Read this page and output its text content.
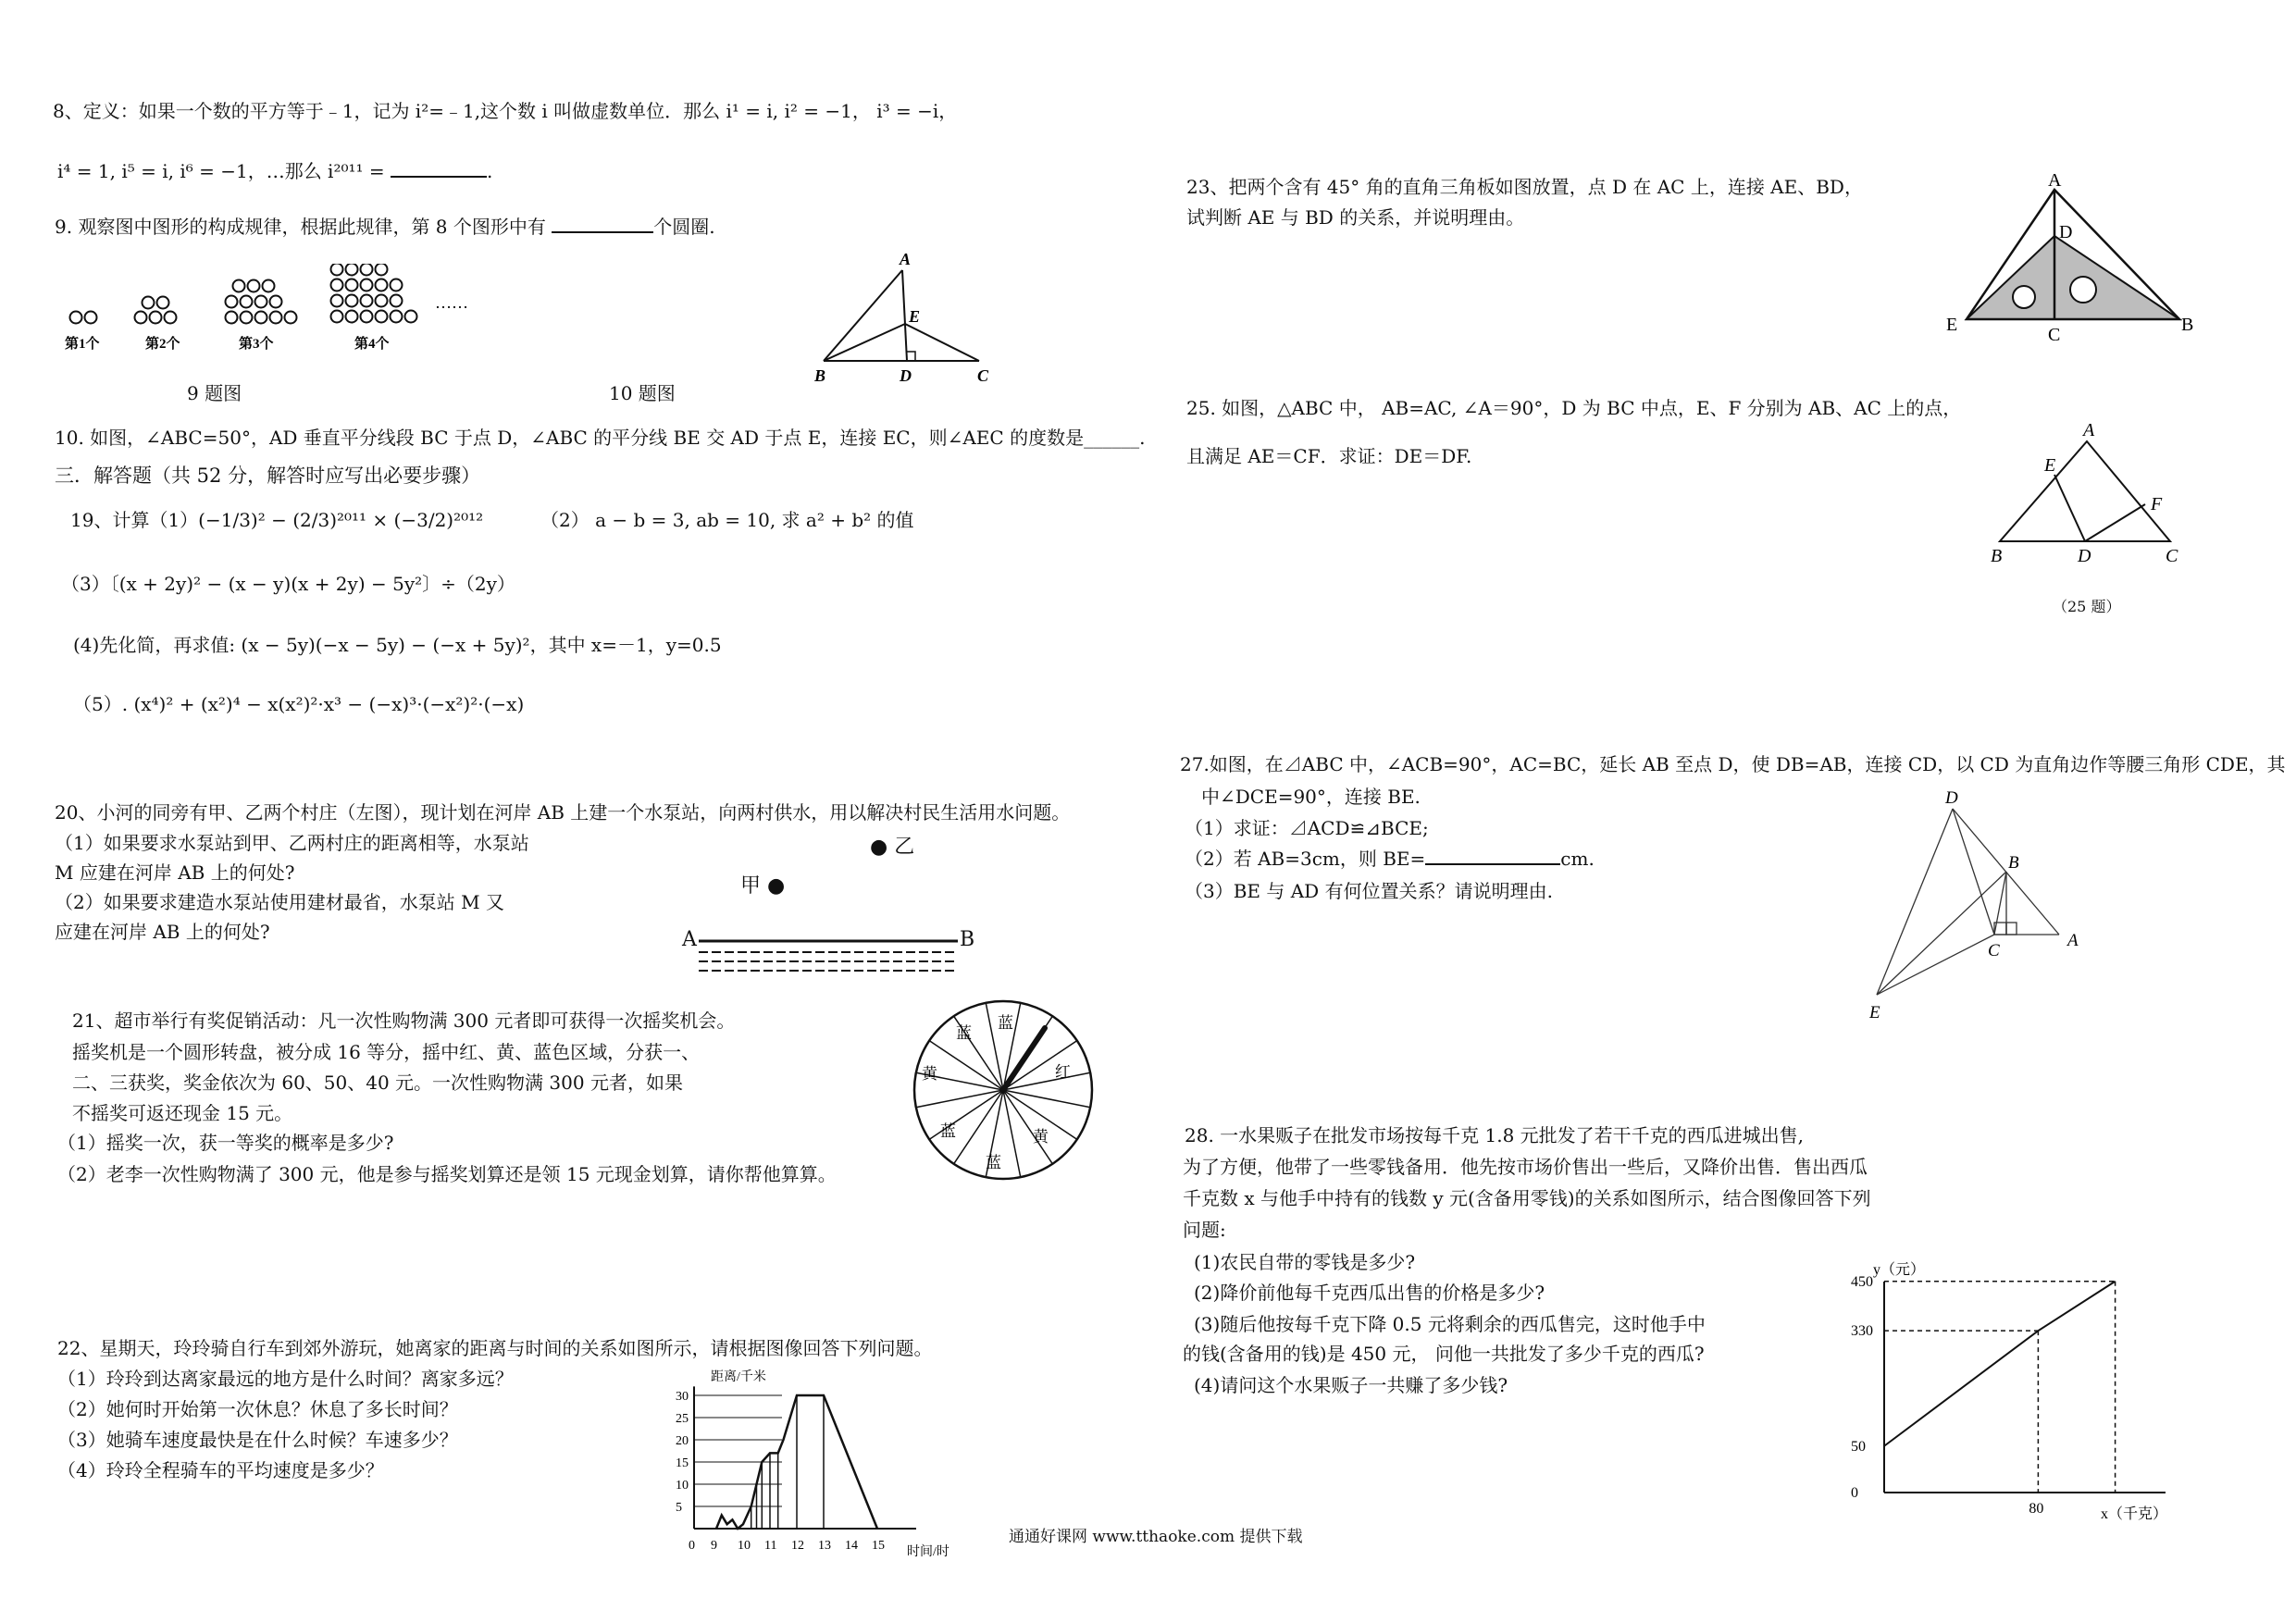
8、定义：如果一个数的平方等于﹣1，记为 i²=﹣1,这个数 i 叫做虚数单位．那么 i¹ = i, i² = −1， i³ = −i，
i⁴ = 1, i⁵ = i, i⁶ = −1，…那么 i²⁰¹¹ =	.
9. 观察图中图形的构成规律，根据此规律，第 8 个图形中有	个圆圈.
……
第1个	第2个	第3个	第4个
9 题图
A
E
B	D	C
10 题图
10. 如图，∠ABC=50°，AD 垂直平分线段 BC 于点 D，∠ABC 的平分线 BE 交 AD 于点 E，连接 EC，则∠AEC 的度数是______.
三．解答题（共 52 分，解答时应写出必要步骤）
19、计算（1）(−1/3)² − (2/3)²⁰¹¹ × (−3/2)²⁰¹²	（2） a − b = 3, ab = 10, 求 a² + b² 的值
（3）〔(x + 2y)² − (x − y)(x + 2y) − 5y²〕÷（2y）
(4)先化简，再求值: (x − 5y)(−x − 5y) − (−x + 5y)²，其中 x=－1，y=0.5
（5）. (x⁴)² + (x²)⁴ − x(x²)²·x³ − (−x)³·(−x²)²·(−x)
20、小河的同旁有甲、乙两个村庄（左图），现计划在河岸 AB 上建一个水泵站，向两村供水，用以解决村民生活用水问题。
（1）如果要求水泵站到甲、乙两村庄的距离相等，水泵站
M 应建在河岸 AB 上的何处?
（2）如果要求建造水泵站使用建材最省，水泵站 M 又
应建在河岸 AB 上的何处?
● 乙
甲 ●
A	B
21、超市举行有奖促销活动：凡一次性购物满 300 元者即可获得一次摇奖机会。
摇奖机是一个圆形转盘，被分成 16 等分，摇中红、黄、蓝色区域，分获一、
二、三获奖，奖金依次为 60、50、40 元。一次性购物满 300 元者，如果
不摇奖可返还现金 15 元。
（1）摇奖一次，获一等奖的概率是多少?
（2）老李一次性购物满了 300 元，他是参与摇奖划算还是领 15 元现金划算，请你帮他算算。
蓝
蓝
红
黄
黄
蓝
蓝
22、星期天，玲玲骑自行车到郊外游玩，她离家的距离与时间的关系如图所示，请根据图像回答下列问题。
（1）玲玲到达离家最远的地方是什么时间？离家多远？
（2）她何时开始第一次休息？休息了多长时间？
（3）她骑车速度最快是在什么时候？车速多少？
（4）玲玲全程骑车的平均速度是多少？
5
10
15
20
25
30
0 9 10 11 12 13 14 15
距离/千米
时间/时
23、把两个含有 45° 角的直角三角板如图放置，点 D 在 AC 上，连接 AE、BD，
试判断 AE 与 BD 的关系，并说明理由。
A
D
E	C	B
25. 如图，△ABC 中， AB=AC, ∠A＝90°，D 为 BC 中点，E、F 分别为 AB、AC 上的点，
且满足 AE＝CF．求证：DE＝DF.
A
E
F
B	D	C
（25 题）
27.如图，在⊿ABC 中，∠ACB=90°，AC=BC，延长 AB 至点 D，使 DB=AB，连接 CD，以 CD 为直角边作等腰三角形 CDE，其
中∠DCE=90°，连接 BE.
（1）求证：⊿ACD≌⊿BCE;
（2）若 AB=3cm，则 BE=	cm.
（3）BE 与 AD 有何位置关系？请说明理由.
D
B
C
A
E
28. 一水果贩子在批发市场按每千克 1.8 元批发了若干千克的西瓜进城出售,
为了方便，他带了一些零钱备用．他先按市场价售出一些后，又降价出售．售出西瓜
千克数 x 与他手中持有的钱数 y 元(含备用零钱)的关系如图所示，结合图像回答下列
问题:
(1)农民自带的零钱是多少?
(2)降价前他每千克西瓜出售的价格是多少?
(3)随后他按每千克下降 0.5 元将剩余的西瓜售完，这时他手中
的钱(含备用的钱)是 450 元， 问他一共批发了多少千克的西瓜?
(4)请问这个水果贩子一共赚了多少钱?
0
50
330
450
80
y（元）
x（千克）
通通好课网 www.tthaoke.com 提供下载
